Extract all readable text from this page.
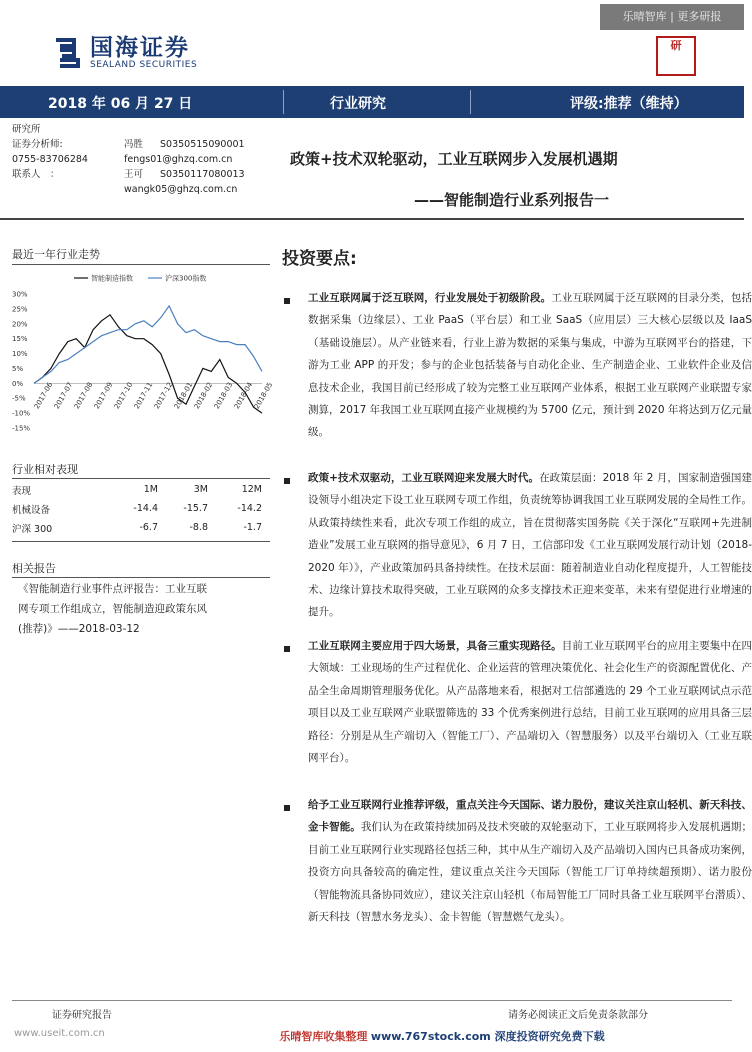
乐晴智库 | 更多研报
国海证券
SEALAND SECURITIES
研
2018 年 06 月 27 日	行业研究	评级:推荐（维持）
研究所
证券分析师:	冯胜	S0350515090001
0755-83706284	fengs01@ghzq.com.cn
联系人　：	王可	S0350117080013
wangk05@ghzq.com.cn
政策+技术双轮驱动，工业互联网步入发展机遇期
——智能制造行业系列报告一
最近一年行业走势
30%
25%
20%
15%
10%
5%
0%
-5%
-10%
-15%
2017-06
2017-07
2017-08
2017-09
2017-10
2017-11
2017-12
2018-01
2018-02
2018-03
2018-04
2018-05
智能制造指数	沪深300指数
行业相对表现
表现	1M	3M	12M
机械设备	-14.4	-15.7	-14.2
沪深 300	-6.7	-8.8	-1.7
相关报告
《智能制造行业事件点评报告：工业互联
网专项工作组成立，智能制造迎政策东风
(推荐)》——2018-03-12
投资要点:
工业互联网属于泛互联网，行业发展处于初级阶段。工业互联网属于泛互联网的目录分类，包括数据采集（边缘层）、工业 PaaS（平台层）和工业 SaaS（应用层）三大核心层级以及 IaaS（基础设施层）。从产业链来看，行业上游为数据的采集与集成，中游为互联网平台的搭建，下游为工业 APP 的开发；参与的企业包括装备与自动化企业、生产制造企业、工业软件企业及信息技术企业，我国目前已经形成了较为完整工业互联网产业体系，根据工业互联网产业联盟专家测算，2017 年我国工业互联网直接产业规模约为 5700 亿元，预计到 2020 年将达到万亿元量级。
政策+技术双驱动，工业互联网迎来发展大时代。在政策层面：2018 年 2 月，国家制造强国建设领导小组决定下设工业互联网专项工作组，负责统筹协调我国工业互联网发展的全局性工作。从政策持续性来看，此次专项工作组的成立，旨在贯彻落实国务院《关于深化“互联网+先进制造业”发展工业互联网的指导意见》，6 月 7 日，工信部印发《工业互联网发展行动计划（2018-2020 年）》，产业政策加码具备持续性。在技术层面：随着制造业自动化程度提升，人工智能技术、边缘计算技术取得突破，工业互联网的众多支撑技术正迎来变革，未来有望促进行业增速的提升。
工业互联网主要应用于四大场景，具备三重实现路径。目前工业互联网平台的应用主要集中在四大领域：工业现场的生产过程优化、企业运营的管理决策优化、社会化生产的资源配置优化、产品全生命周期管理服务优化。从产品落地来看，根据对工信部遴选的 29 个工业互联网试点示范项目以及工业互联网产业联盟筛选的 33 个优秀案例进行总结，目前工业互联网的应用具备三层路径：分别是从生产端切入（智能工厂）、产品端切入（智慧服务）以及平台端切入（工业互联网平台）。
给予工业互联网行业推荐评级，重点关注今天国际、诺力股份，建议关注京山轻机、新天科技、金卡智能。我们认为在政策持续加码及技术突破的双轮驱动下，工业互联网将步入发展机遇期；目前工业互联网行业实现路径包括三种，其中从生产端切入及产品端切入国内已具备成功案例，投资方向具备较高的确定性，建议重点关注今天国际（智能工厂订单持续超预期）、诺力股份（智能物流具备协同效应），建议关注京山轻机（布局智能工厂同时具备工业互联网平台潜质）、新天科技（智慧水务龙头）、金卡智能（智慧燃气龙头）。
证券研究报告	请务必阅读正文后免责条款部分
www.useit.com.cn	乐晴智库收集整理 www.767stock.com 深度投资研究免费下载
